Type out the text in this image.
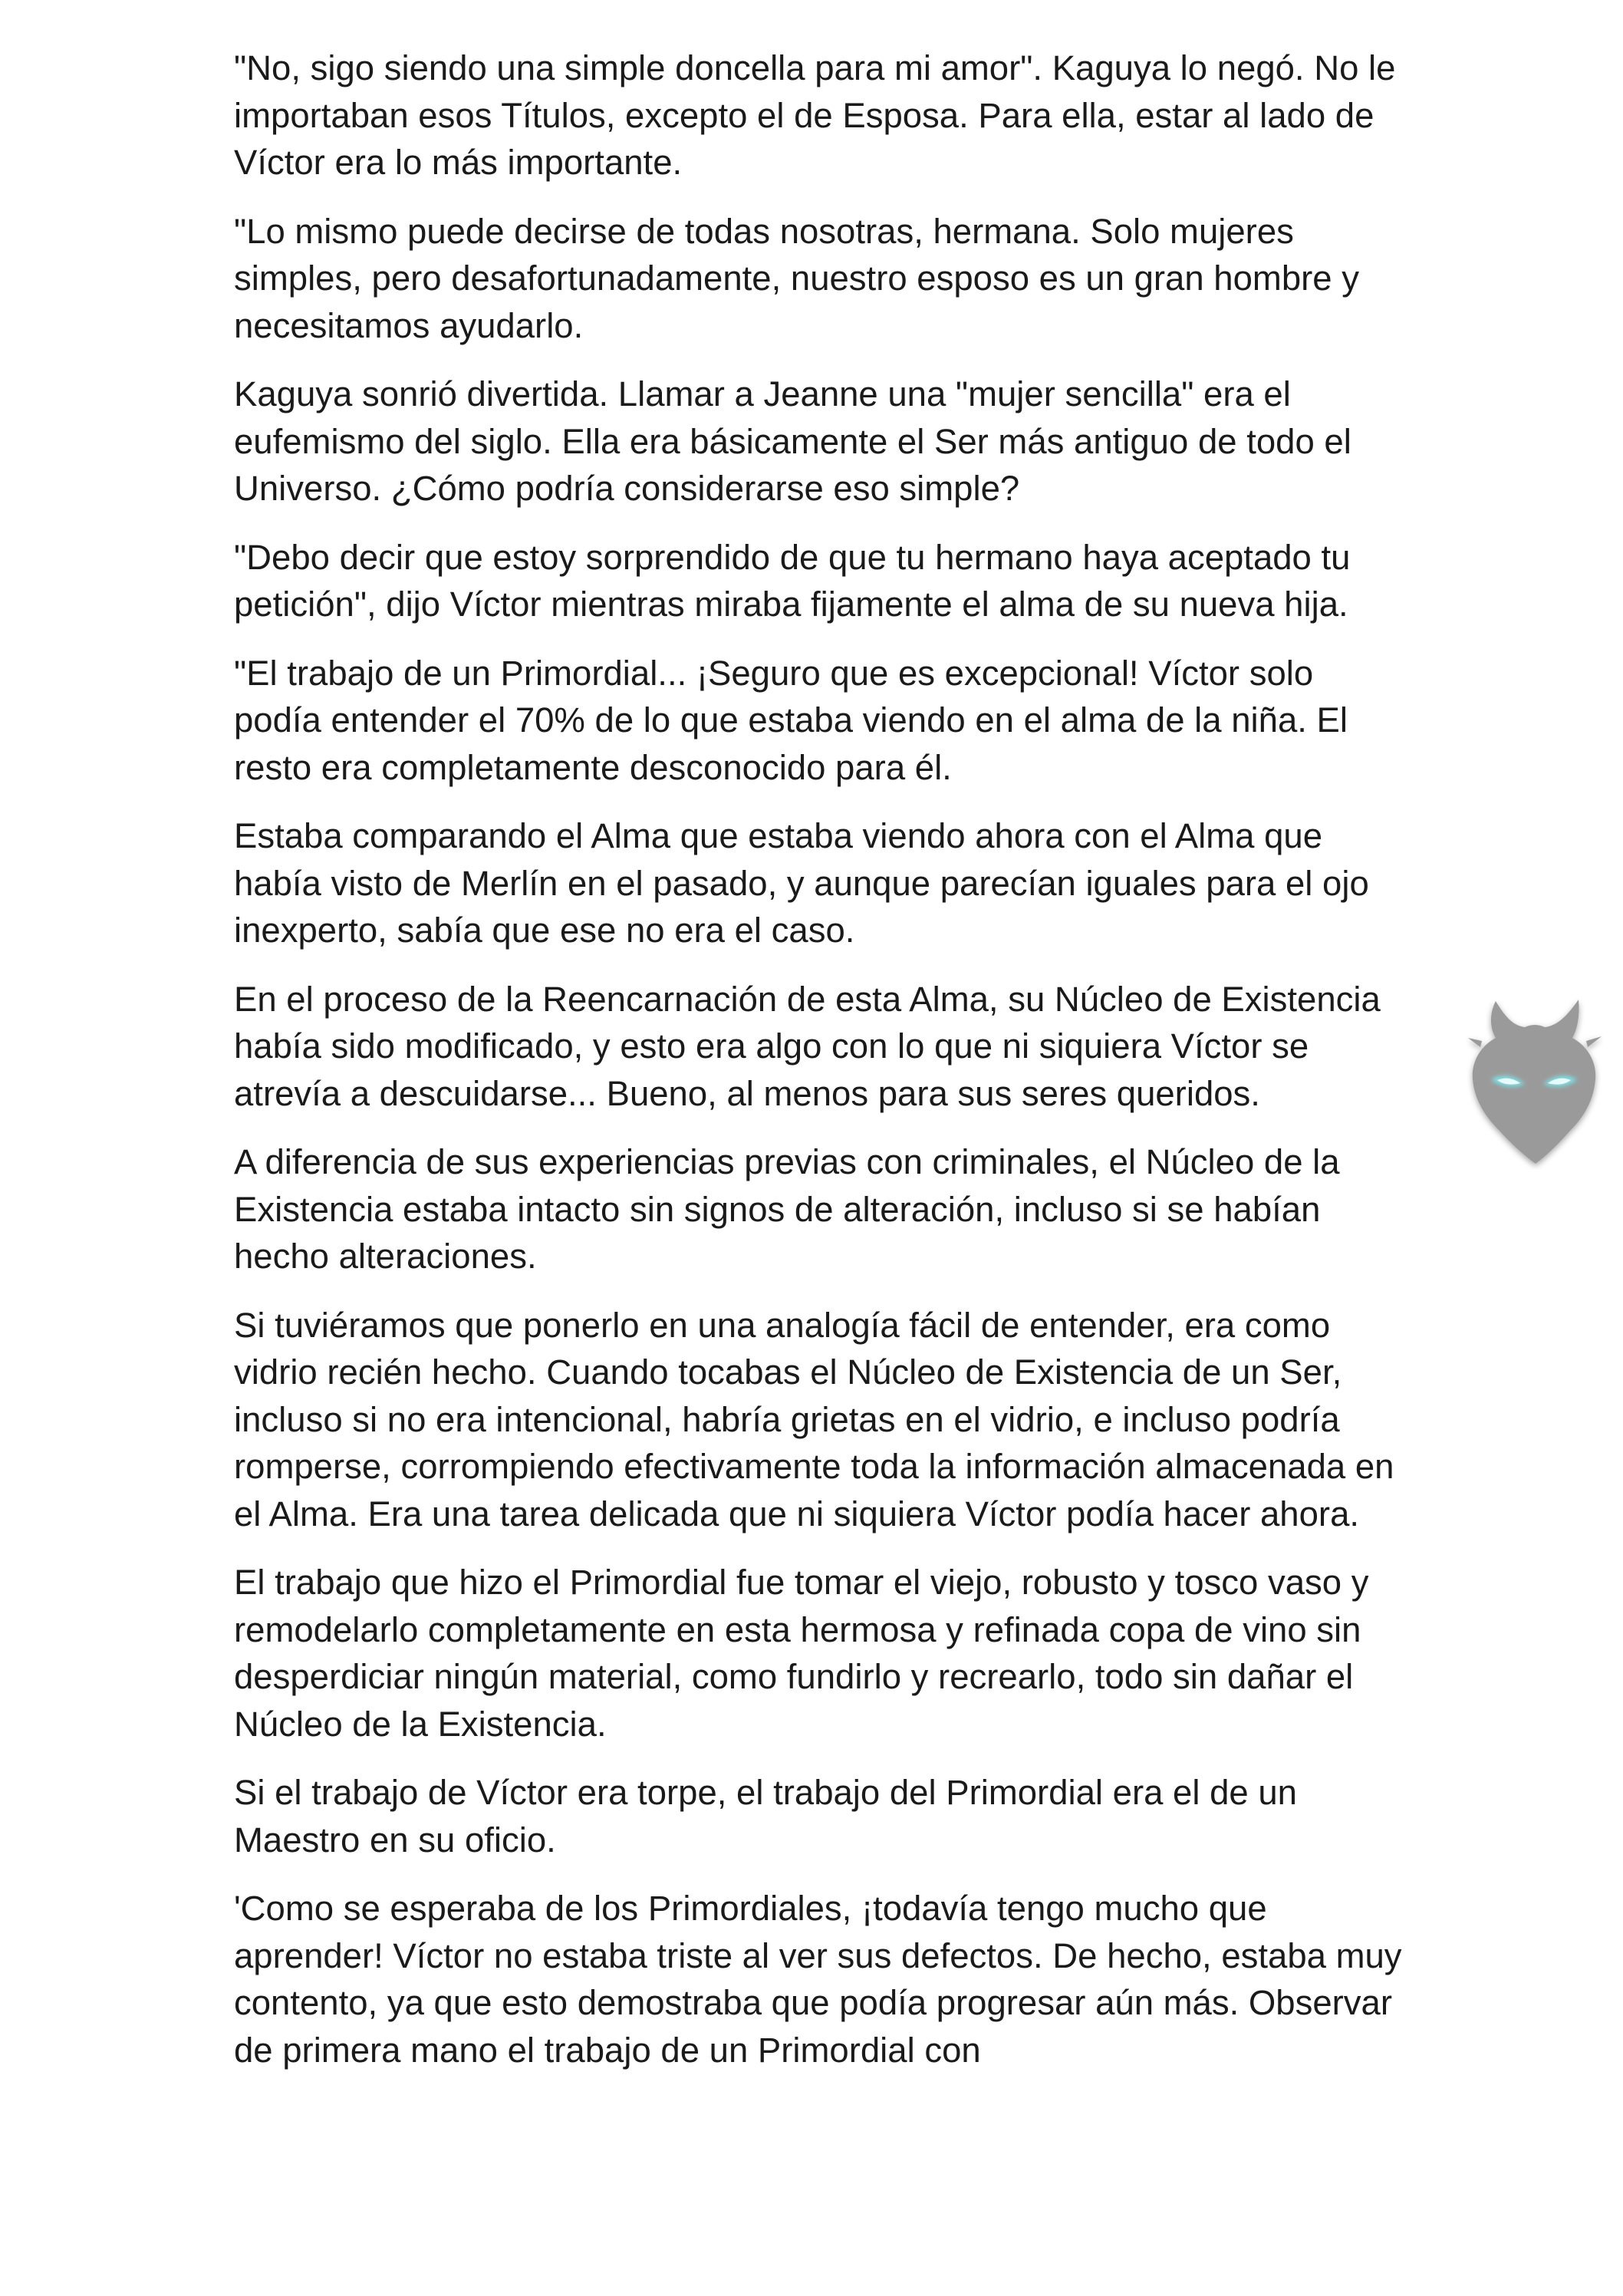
"No, sigo siendo una simple doncella para mi amor". Kaguya lo negó. No le importaban esos Títulos, excepto el de Esposa. Para ella, estar al lado de Víctor era lo más importante.

"Lo mismo puede decirse de todas nosotras, hermana. Solo mujeres simples, pero desafortunadamente, nuestro esposo es un gran hombre y necesitamos ayudarlo.

Kaguya sonrió divertida. Llamar a Jeanne una "mujer sencilla" era el eufemismo del siglo. Ella era básicamente el Ser más antiguo de todo el Universo. ¿Cómo podría considerarse eso simple?

"Debo decir que estoy sorprendido de que tu hermano haya aceptado tu petición", dijo Víctor mientras miraba fijamente el alma de su nueva hija.

"El trabajo de un Primordial... ¡Seguro que es excepcional! Víctor solo podía entender el 70% de lo que estaba viendo en el alma de la niña. El resto era completamente desconocido para él.

Estaba comparando el Alma que estaba viendo ahora con el Alma que había visto de Merlín en el pasado, y aunque parecían iguales para el ojo inexperto, sabía que ese no era el caso.

En el proceso de la Reencarnación de esta Alma, su Núcleo de Existencia había sido modificado, y esto era algo con lo que ni siquiera Víctor se atrevía a descuidarse... Bueno, al menos para sus seres queridos.

A diferencia de sus experiencias previas con criminales, el Núcleo de la Existencia estaba intacto sin signos de alteración, incluso si se habían hecho alteraciones.

Si tuviéramos que ponerlo en una analogía fácil de entender, era como vidrio recién hecho. Cuando tocabas el Núcleo de Existencia de un Ser, incluso si no era intencional, habría grietas en el vidrio, e incluso podría romperse, corrompiendo efectivamente toda la información almacenada en el Alma. Era una tarea delicada que ni siquiera Víctor podía hacer ahora.

El trabajo que hizo el Primordial fue tomar el viejo, robusto y tosco vaso y remodelarlo completamente en esta hermosa y refinada copa de vino sin desperdiciar ningún material, como fundirlo y recrearlo, todo sin dañar el Núcleo de la Existencia.

Si el trabajo de Víctor era torpe, el trabajo del Primordial era el de un Maestro en su oficio.

'Como se esperaba de los Primordiales, ¡todavía tengo mucho que aprender! Víctor no estaba triste al ver sus defectos. De hecho, estaba muy contento, ya que esto demostraba que podía progresar aún más. Observar de primera mano el trabajo de un Primordial con
